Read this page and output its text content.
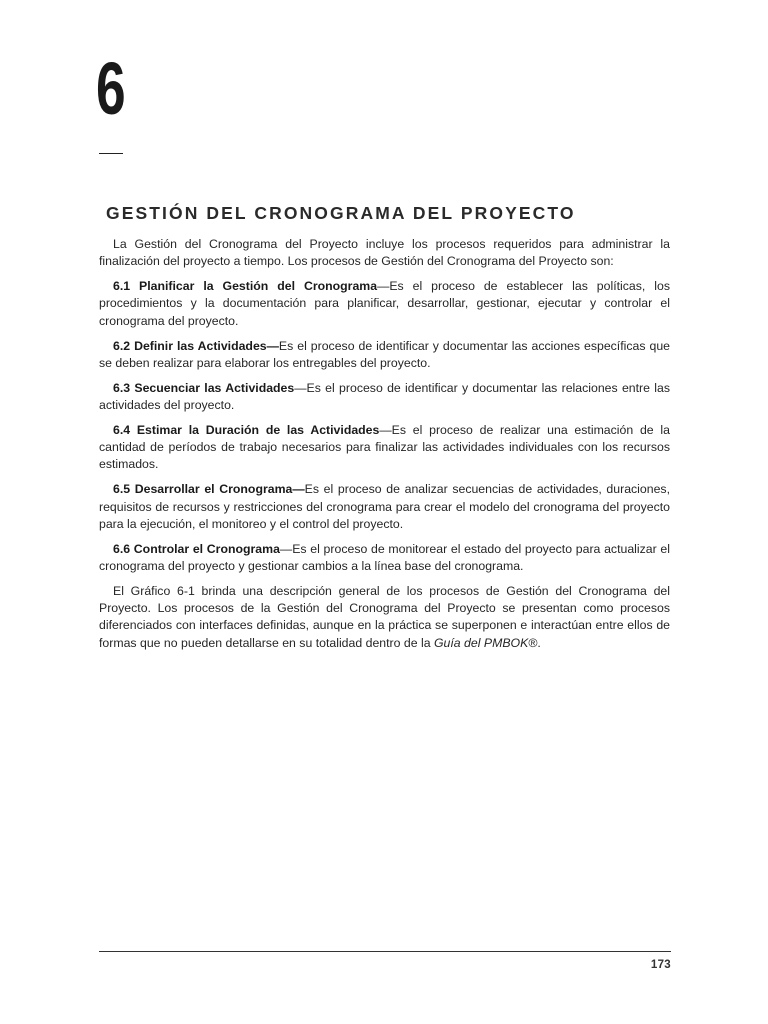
6
GESTIÓN DEL CRONOGRAMA DEL PROYECTO

La Gestión del Cronograma del Proyecto incluye los procesos requeridos para administrar la finalización del proyecto a tiempo. Los procesos de Gestión del Cronograma del Proyecto son:

6.1 Planificar la Gestión del Cronograma—Es el proceso de establecer las políticas, los procedimientos y la documentación para planificar, desarrollar, gestionar, ejecutar y controlar el cronograma del proyecto.

6.2 Definir las Actividades—Es el proceso de identificar y documentar las acciones específicas que se deben realizar para elaborar los entregables del proyecto.

6.3 Secuenciar las Actividades—Es el proceso de identificar y documentar las relaciones entre las actividades del proyecto.

6.4 Estimar la Duración de las Actividades—Es el proceso de realizar una estimación de la cantidad de períodos de trabajo necesarios para finalizar las actividades individuales con los recursos estimados.

6.5 Desarrollar el Cronograma—Es el proceso de analizar secuencias de actividades, duraciones, requisitos de recursos y restricciones del cronograma para crear el modelo del cronograma del proyecto para la ejecución, el monitoreo y el control del proyecto.

6.6 Controlar el Cronograma—Es el proceso de monitorear el estado del proyecto para actualizar el cronograma del proyecto y gestionar cambios a la línea base del cronograma.

El Gráfico 6-1 brinda una descripción general de los procesos de Gestión del Cronograma del Proyecto. Los procesos de la Gestión del Cronograma del Proyecto se presentan como procesos diferenciados con interfaces definidas, aunque en la práctica se superponen e interactúan entre ellos de formas que no pueden detallarse en su totalidad dentro de la Guía del PMBOK®.

173
